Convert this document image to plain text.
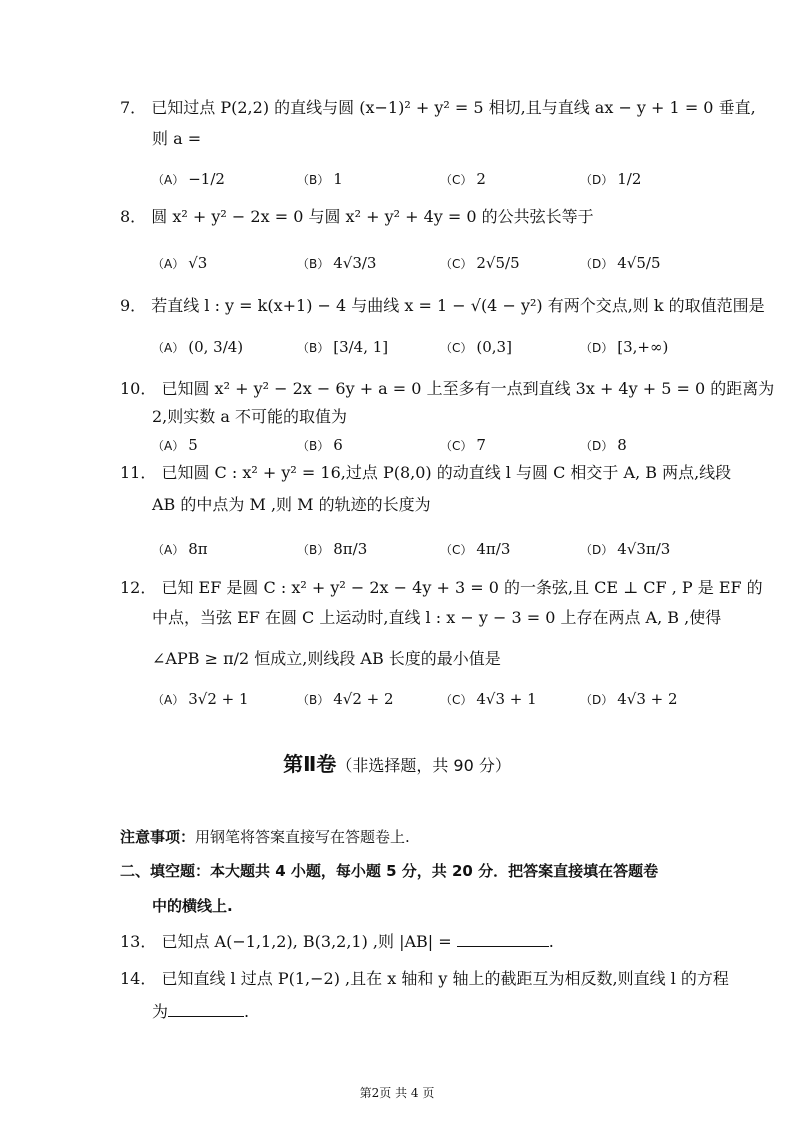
7． 已知过点 P(2,2) 的直线与圆 (x−1)² + y² = 5 相切,且与直线 ax − y + 1 = 0 垂直,
则 a =
（A） −1/2	（B） 1	（C） 2	（D） 1/2
8． 圆 x² + y² − 2x = 0 与圆 x² + y² + 4y = 0 的公共弦长等于
（A） √3	（B） 4√3/3	（C） 2√5/5	（D） 4√5/5
9． 若直线 l : y = k(x+1) − 4 与曲线 x = 1 − √(4 − y²) 有两个交点,则 k 的取值范围是
（A） (0, 3/4)	（B） [3/4, 1]	（C） (0,3]	（D） [3,+∞)
10． 已知圆 x² + y² − 2x − 6y + a = 0 上至多有一点到直线 3x + 4y + 5 = 0 的距离为
2,则实数 a 不可能的取值为
（A） 5	（B） 6	（C） 7	（D） 8
11． 已知圆 C : x² + y² = 16,过点 P(8,0) 的动直线 l 与圆 C 相交于 A, B 两点,线段
AB 的中点为 M ,则 M 的轨迹的长度为
（A） 8π	（B） 8π/3	（C） 4π/3	（D） 4√3π/3
12． 已知 EF 是圆 C : x² + y² − 2x − 4y + 3 = 0 的一条弦,且 CE ⊥ CF , P 是 EF 的
中点，当弦 EF 在圆 C 上运动时,直线 l : x − y − 3 = 0 上存在两点 A, B ,使得
∠APB ≥ π/2 恒成立,则线段 AB 长度的最小值是
（A） 3√2 + 1	（B） 4√2 + 2	（C） 4√3 + 1	（D） 4√3 + 2
第Ⅱ卷（非选择题，共 90 分）
注意事项：用钢笔将答案直接写在答题卷上.
二、填空题：本大题共 4 小题，每小题 5 分，共 20 分．把答案直接填在答题卷
中的横线上.
13． 已知点 A(−1,1,2), B(3,2,1) ,则 |AB| =	.
14． 已知直线 l 过点 P(1,−2) ,且在 x 轴和 y 轴上的截距互为相反数,则直线 l 的方程
为	.
第2页 共 4 页
